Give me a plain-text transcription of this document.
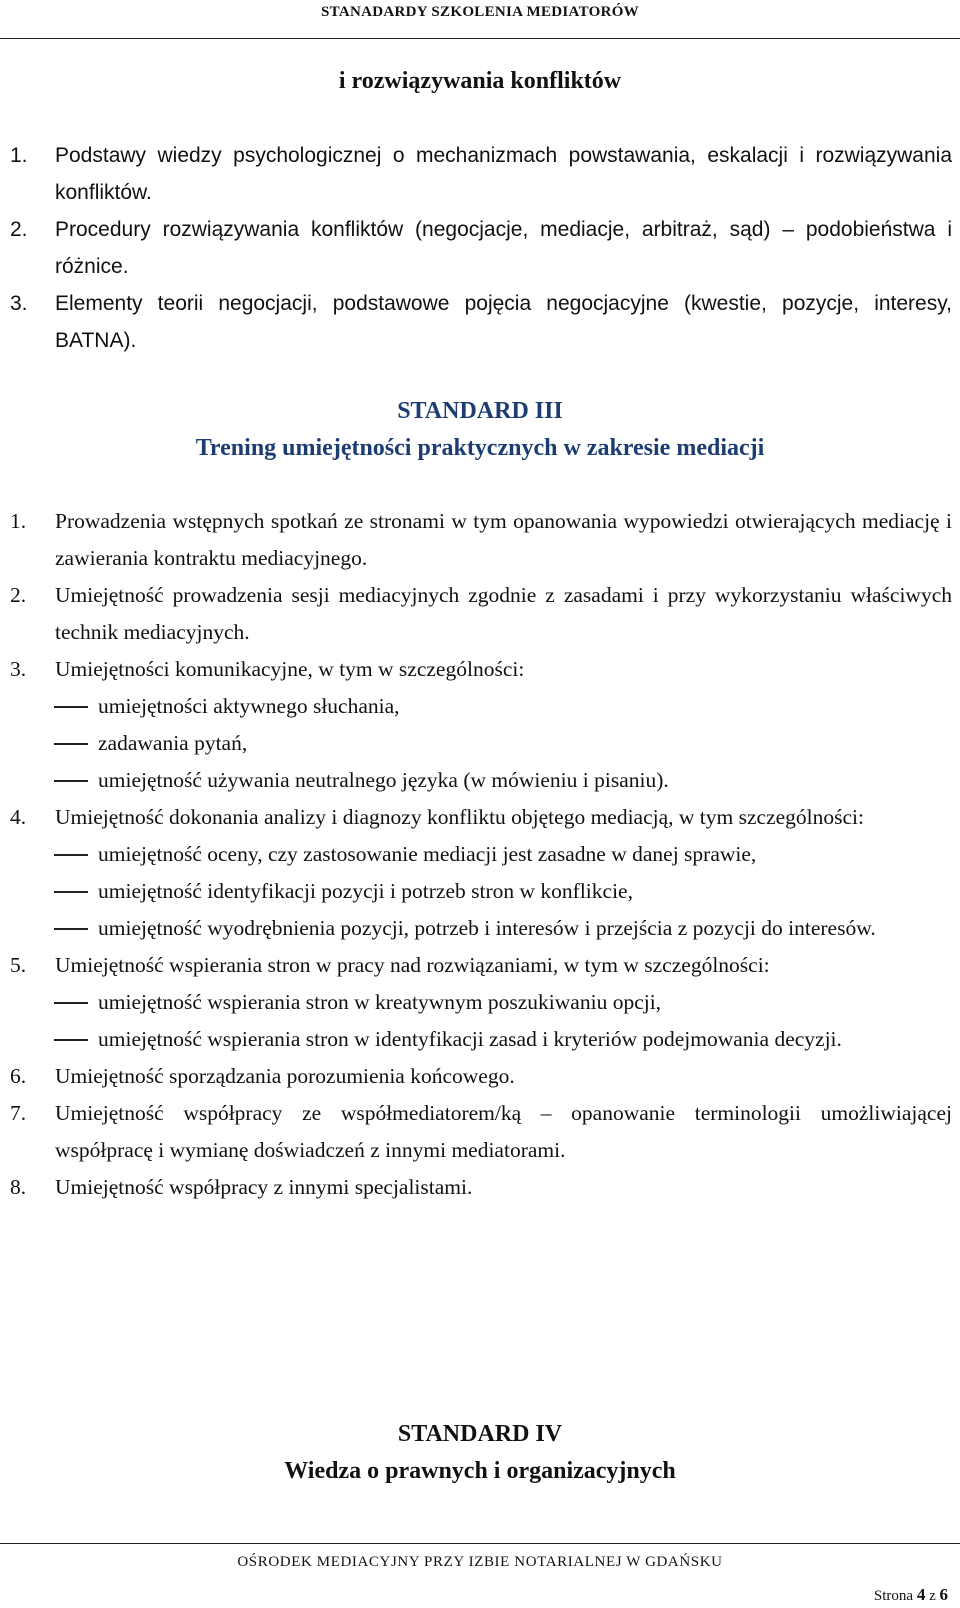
STANADARDY SZKOLENIA MEDIATORÓW
i rozwiązywania konfliktów
1. Podstawy wiedzy psychologicznej o mechanizmach powstawania, eskalacji i rozwiązywania konfliktów.
2. Procedury rozwiązywania konfliktów (negocjacje, mediacje, arbitraż, sąd) – podobieństwa i różnice.
3. Elementy teorii negocjacji, podstawowe pojęcia negocjacyjne (kwestie, pozycje, interesy, BATNA).
STANDARD III
Trening umiejętności praktycznych w zakresie mediacji
1. Prowadzenia wstępnych spotkań ze stronami w tym opanowania wypowiedzi otwierających mediację i zawierania kontraktu mediacyjnego.
2. Umiejętność prowadzenia sesji mediacyjnych zgodnie z zasadami i przy wykorzystaniu właściwych technik mediacyjnych.
3. Umiejętności komunikacyjne, w tym w szczególności:
umiejętności aktywnego słuchania,
zadawania pytań,
umiejętność używania neutralnego języka (w mówieniu i pisaniu).
4. Umiejętność dokonania analizy i diagnozy konfliktu objętego mediacją, w tym szczególności:
umiejętność oceny, czy zastosowanie mediacji jest zasadne w danej sprawie,
umiejętność identyfikacji pozycji i potrzeb stron w konflikcie,
umiejętność wyodrębnienia pozycji, potrzeb i interesów i przejścia z pozycji do interesów.
5. Umiejętność wspierania stron w pracy nad rozwiązaniami, w tym w szczególności:
umiejętność wspierania stron w kreatywnym poszukiwaniu opcji,
umiejętność wspierania stron w identyfikacji zasad i kryteriów podejmowania decyzji.
6. Umiejętność sporządzania porozumienia końcowego.
7. Umiejętność współpracy ze współmediatorem/ką – opanowanie terminologii umożliwiającej współpracę i wymianę doświadczeń z innymi mediatorami.
8. Umiejętność współpracy z innymi specjalistami.
STANDARD IV
Wiedza o prawnych i organizacyjnych
OŚRODEK MEDIACYJNY PRZY IZBIE NOTARIALNEJ W GDAŃSKU
Strona 4 z 6
